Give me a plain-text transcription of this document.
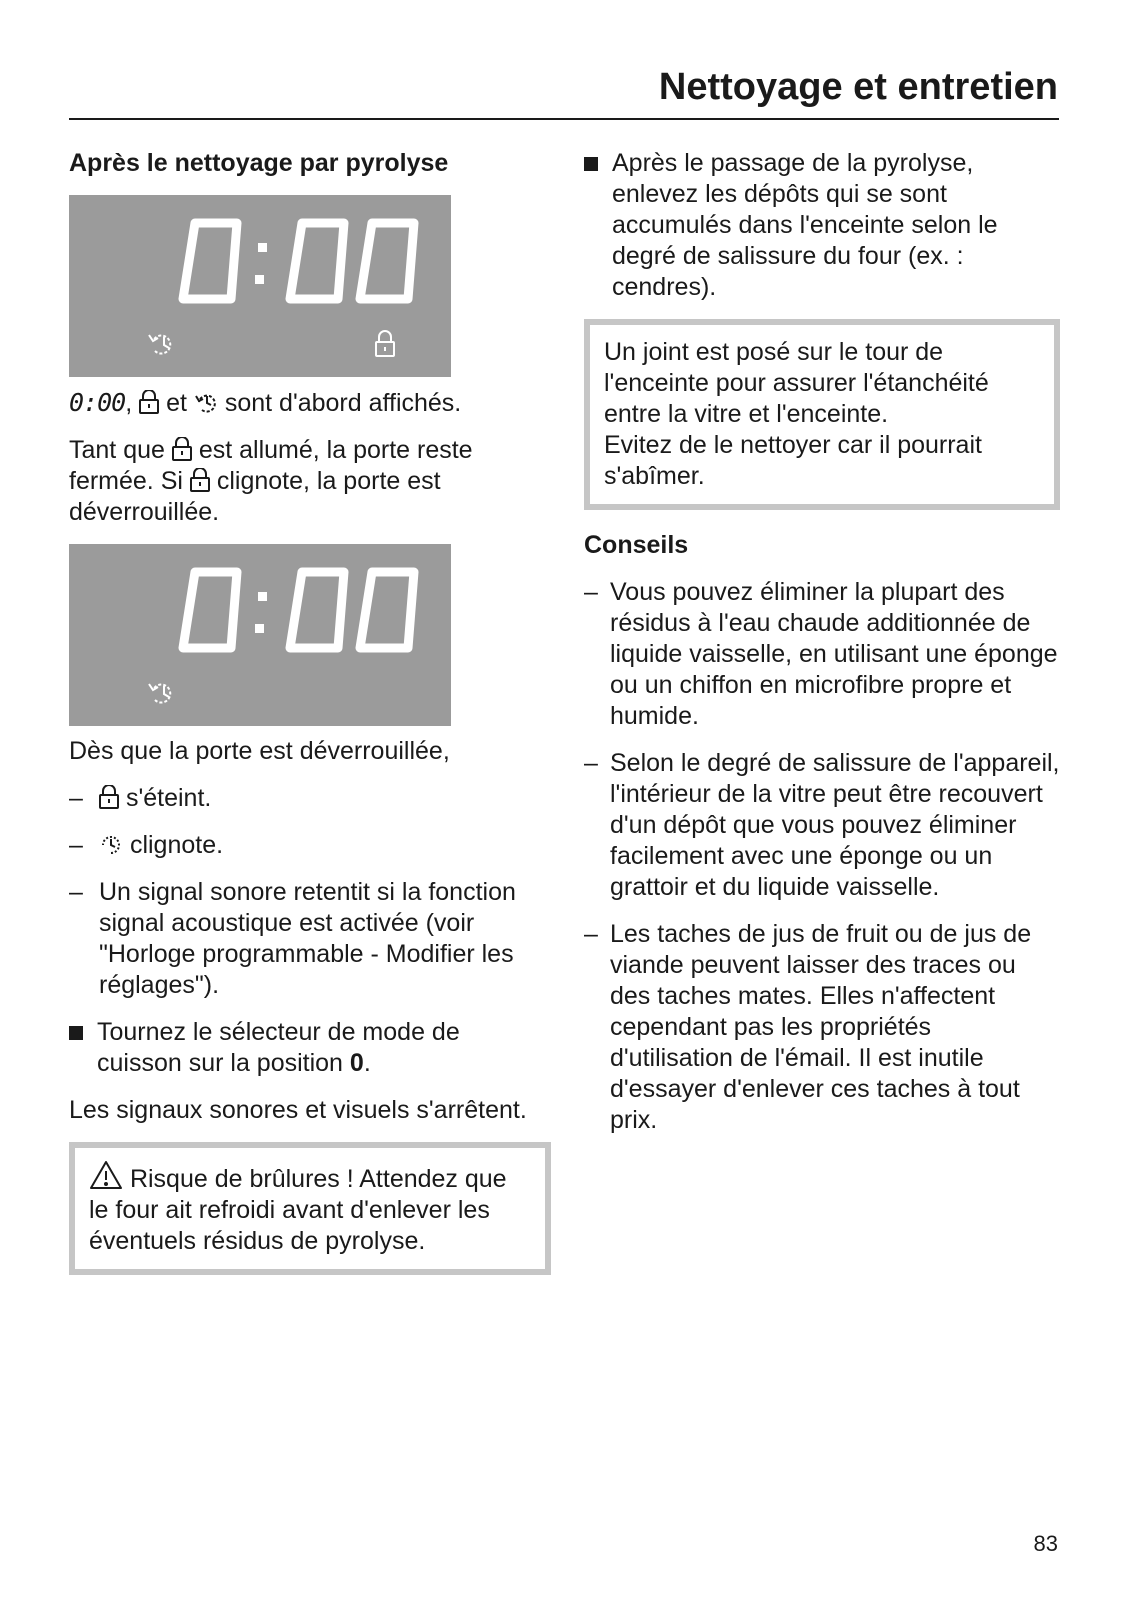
Nettoyage et entretien
Après le nettoyage par pyrolyse

0:00, et sont d'abord affichés.

Tant que est allumé, la porte reste fermée. Si clignote, la porte est déverrouillée.

Dès que la porte est déverrouillée,

–	s'éteint.
–	clignote.
– Un signal sonore retentit si la fonction signal acoustique est activée (voir "Horloge programmable - Modifier les réglages").
Tournez le sélecteur de mode de cuisson sur la position 0.

Les signaux sonores et visuels s'arrêtent.

Risque de brûlures ! Attendez que le four ait refroidi avant d'enlever les éventuels résidus de pyrolyse.
Après le passage de la pyrolyse, enlevez les dépôts qui se sont accumulés dans l'enceinte selon le degré de salissure du four (ex. : cendres).
Un joint est posé sur le tour de l'enceinte pour assurer l'étanchéité entre la vitre et l'enceinte.
Evitez de le nettoyer car il pourrait s'abîmer.
Conseils
– Vous pouvez éliminer la plupart des résidus à l'eau chaude additionnée de liquide vaisselle, en utilisant une éponge ou un chiffon en microfibre propre et humide.
– Selon le degré de salissure de l'appareil, l'intérieur de la vitre peut être recouvert d'un dépôt que vous pouvez éliminer facilement avec une éponge ou un grattoir et du liquide vaisselle.
– Les taches de jus de fruit ou de jus de viande peuvent laisser des traces ou des taches mates. Elles n'affectent cependant pas les propriétés d'utilisation de l'émail. Il est inutile d'essayer d'enlever ces taches à tout prix.
83
